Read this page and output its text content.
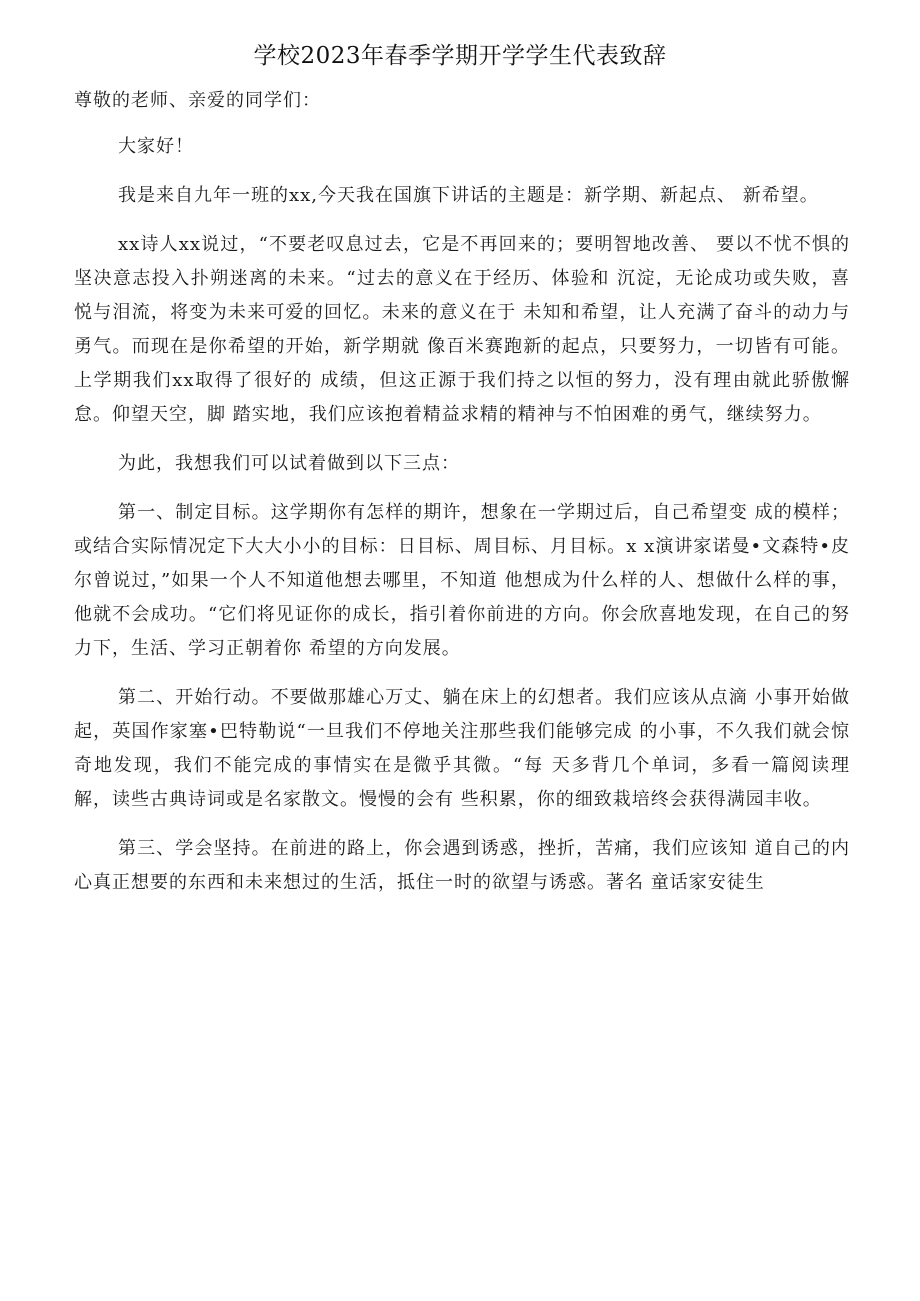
学校2023年春季学期开学学生代表致辞

尊敬的老师、亲爱的同学们：

大家好！

我是来自九年一班的xx,今天我在国旗下讲话的主题是：新学期、新起点、 新希望。

xx诗人xx说过，“不要老叹息过去，它是不再回来的；要明智地改善、 要以不忧不惧的坚决意志投入扑朔迷离的未来。“过去的意义在于经历、体验和 沉淀，无论成功或失败，喜悦与泪流，将变为未来可爱的回忆。未来的意义在于 未知和希望，让人充满了奋斗的动力与勇气。而现在是你希望的开始，新学期就 像百米赛跑新的起点，只要努力，一切皆有可能。上学期我们xx取得了很好的 成绩，但这正源于我们持之以恒的努力，没有理由就此骄傲懈怠。仰望天空，脚 踏实地，我们应该抱着精益求精的精神与不怕困难的勇气，继续努力。

为此，我想我们可以试着做到以下三点：

第一、制定目标。这学期你有怎样的期许，想象在一学期过后，自己希望变 成的模样；或结合实际情况定下大大小小的目标：日目标、周目标、月目标。x x演讲家诺曼•文森特•皮尔曾说过，”如果一个人不知道他想去哪里，不知道 他想成为什么样的人、想做什么样的事，他就不会成功。“它们将见证你的成长，指引着你前进的方向。你会欣喜地发现，在自己的努力下，生活、学习正朝着你 希望的方向发展。

第二、开始行动。不要做那雄心万丈、躺在床上的幻想者。我们应该从点滴 小事开始做起，英国作家塞•巴特勒说“一旦我们不停地关注那些我们能够完成 的小事，不久我们就会惊奇地发现，我们不能完成的事情实在是微乎其微。“每 天多背几个单词，多看一篇阅读理解，读些古典诗词或是名家散文。慢慢的会有 些积累，你的细致栽培终会获得满园丰收。

第三、学会坚持。在前进的路上，你会遇到诱惑，挫折，苦痛，我们应该知 道自己的内心真正想要的东西和未来想过的生活，抵住一时的欲望与诱惑。著名 童话家安徒生
